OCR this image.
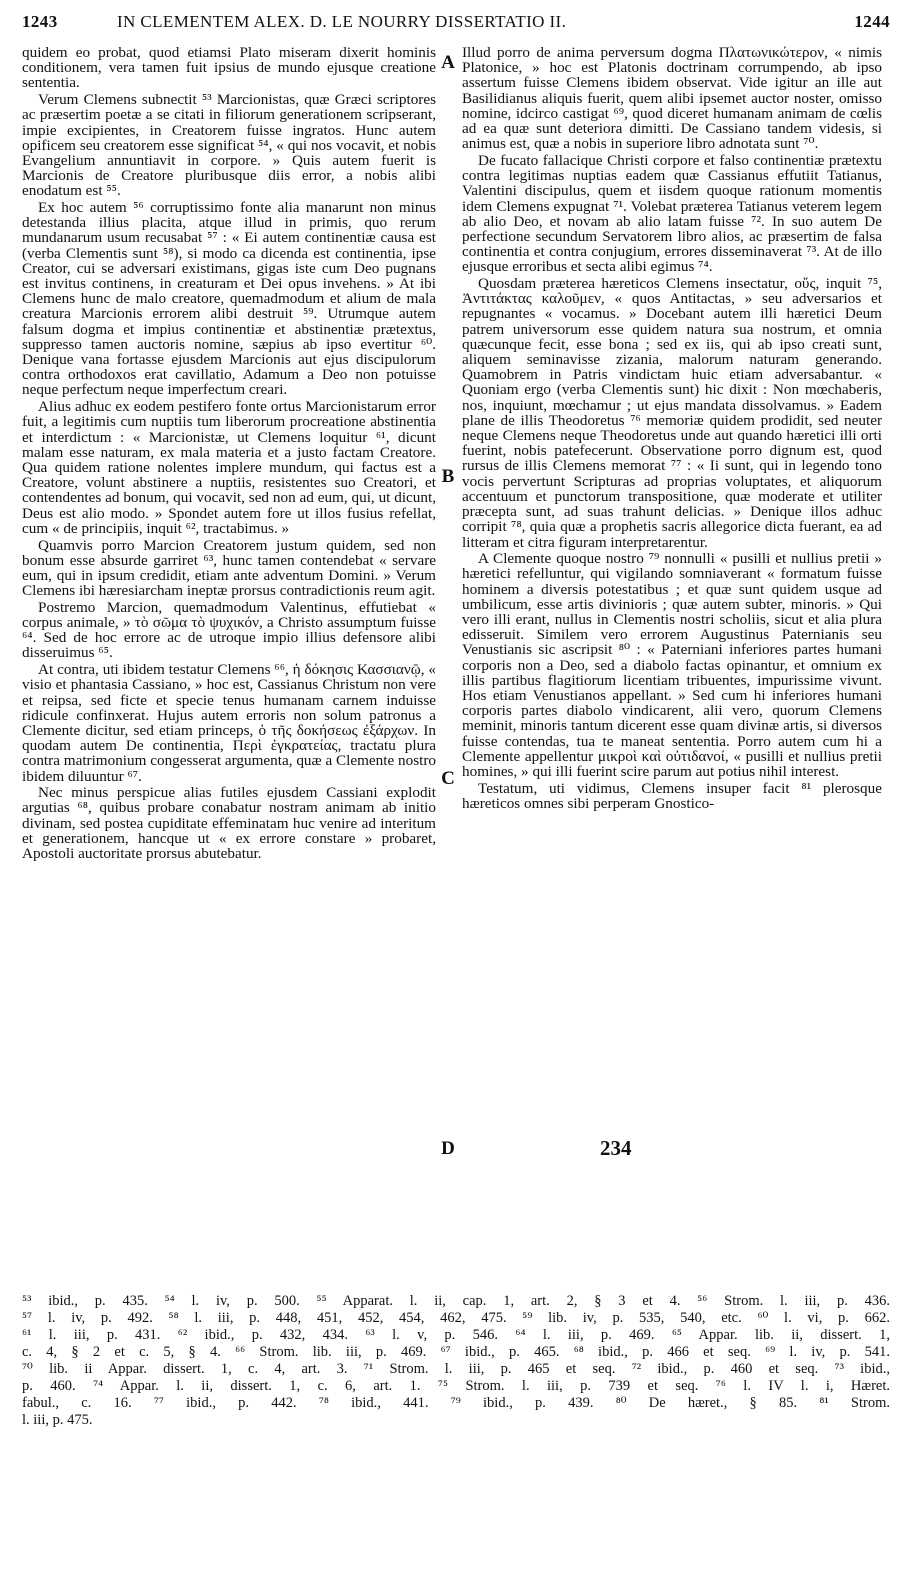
1243	IN CLEMENTEM ALEX. D. LE NOURRY DISSERTATIO II.	1244

quidem eo probat, quod etiamsi Plato miseram dixerit hominis conditionem, vera tamen fuit ipsius de mundo ejusque creatione sententia.

Verum Clemens subnectit ⁵³ Marcionistas, quæ Græci scriptores ac præsertim poetæ a se citati in filiorum generationem scripserant, impie excipientes, in Creatorem fuisse ingratos. Hunc autem opificem seu creatorem esse significat ⁵⁴, « qui nos vocavit, et nobis Evangelium annuntiavit in corpore. » Quis autem fuerit is Marcionis de Creatore pluribusque diis error, a nobis alibi enodatum est ⁵⁵.

Ex hoc autem ⁵⁶ corruptissimo fonte alia manarunt non minus detestanda illius placita, atque illud in primis, quo rerum mundanarum usum recusabat ⁵⁷ : « Ei autem continentiæ causa est (verba Clementis sunt ⁵⁸), si modo ca dicenda est continentia, ipse Creator, cui se adversari existimans, gigas iste cum Deo pugnans est invitus continens, in creaturam et Dei opus invehens. » At ibi Clemens hunc de malo creatore, quemadmodum et alium de mala creatura Marcionis errorem alibi destruit ⁵⁹. Utrumque autem falsum dogma et impius continentiæ et abstinentiæ prætextus, suppresso tamen auctoris nomine, sæpius ab ipso evertitur ⁶⁰. Denique vana fortasse ejusdem Marcionis aut ejus discipulorum contra orthodoxos erat cavillatio, Adamum a Deo non potuisse neque perfectum neque imperfectum creari.

Alius adhuc ex eodem pestifero fonte ortus Marcionistarum error fuit, a legitimis cum nuptiis tum liberorum procreatione abstinentia et interdictum : « Marcionistæ, ut Clemens loquitur ⁶¹, dicunt malam esse naturam, ex mala materia et a justo factam Creatore. Qua quidem ratione nolentes implere mundum, qui factus est a Creatore, volunt abstinere a nuptiis, resistentes suo Creatori, et contendentes ad bonum, qui vocavit, sed non ad eum, qui, ut dicunt, Deus est alio modo. » Spondet autem fore ut illos fusius refellat, cum « de principiis, inquit ⁶², tractabimus. »

Quamvis porro Marcion Creatorem justum quidem, sed non bonum esse absurde garriret ⁶³, hunc tamen contendebat « servare eum, qui in ipsum credidit, etiam ante adventum Domini. » Verum Clemens ibi hæresiarcham ineptæ prorsus contradictionis reum agit.

Postremo Marcion, quemadmodum Valentinus, effutiebat « corpus animale, » τὸ σῶμα τὸ ψυχικόν, a Christo assumptum fuisse ⁶⁴. Sed de hoc errore ac de utroque impio illius defensore alibi disseruimus ⁶⁵.

At contra, uti ibidem testatur Clemens ⁶⁶, ἡ δόκησις Κασσιανῷ, « visio et phantasia Cassiano, » hoc est, Cassianus Christum non vere et reipsa, sed ficte et specie tenus humanam carnem induisse ridicule confinxerat. Hujus autem erroris non solum patronus a Clemente dicitur, sed etiam princeps, ὁ τῆς δοκήσεως ἐξάρχων. In quodam autem De continentia, Περὶ ἐγκρατείας, tractatu plura contra matrimonium congesserat argumenta, quæ a Clemente nostro ibidem diluuntur ⁶⁷.

Nec minus perspicue alias futiles ejusdem Cassiani explodit argutias ⁶⁸, quibus probare conabatur nostram animam ab initio divinam, sed postea cupiditate effeminatam huc venire ad interitum et generationem, hancque ut « ex errore constare » probaret, Apostoli auctoritate prorsus abutebatur.

A
B
C
D

Illud porro de anima perversum dogma Πλατωνικώτερον, « nimis Platonice, » hoc est Platonis doctrinam corrumpendo, ab ipso assertum fuisse Clemens ibidem observat. Vide igitur an ille aut Basilidianus aliquis fuerit, quem alibi ipsemet auctor noster, omisso nomine, idcirco castigat ⁶⁹, quod diceret humanam animam de cœlis ad ea quæ sunt deteriora dimitti. De Cassiano tandem videsis, si animus est, quæ a nobis in superiore libro adnotata sunt ⁷⁰.

De fucato fallacique Christi corpore et falso continentiæ prætextu contra legitimas nuptias eadem quæ Cassianus effutiit Tatianus, Valentini discipulus, quem et iisdem quoque rationum momentis idem Clemens expugnat ⁷¹. Volebat præterea Tatianus veterem legem ab alio Deo, et novam ab alio latam fuisse ⁷². In suo autem De perfectione secundum Servatorem libro alios, ac præsertim de falsa continentia et contra conjugium, errores disseminaverat ⁷³. At de illo ejusque erroribus et secta alibi egimus ⁷⁴.

Quosdam præterea hæreticos Clemens insectatur, οὕς, inquit ⁷⁵, Ἀντιτάκτας καλοῦμεν, « quos Antitactas, » seu adversarios et repugnantes « vocamus. » Docebant autem illi hæretici Deum patrem universorum esse quidem natura sua nostrum, et omnia quæcunque fecit, esse bona ; sed ex iis, qui ab ipso creati sunt, aliquem seminavisse zizania, malorum naturam generando. Quamobrem in Patris vindictam huic etiam adversabantur. « Quoniam ergo (verba Clementis sunt) hic dixit : Non mœchaberis, nos, inquiunt, mœchamur ; ut ejus mandata dissolvamus. » Eadem plane de illis Theodoretus ⁷⁶ memoriæ quidem prodidit, sed neuter neque Clemens neque Theodoretus unde aut quando hæretici illi orti fuerint, nobis patefecerunt. Observatione porro dignum est, quod rursus de illis Clemens memorat ⁷⁷ : « Ii sunt, qui in legendo tono vocis pervertunt Scripturas ad proprias voluptates, et aliquorum accentuum et punctorum transpositione, quæ moderate et utiliter præcepta sunt, ad suas trahunt delicias. » Denique illos adhuc corripit ⁷⁸, quia quæ a prophetis sacris allegorice dicta fuerant, ea ad litteram et citra figuram interpretarentur.

A Clemente quoque nostro ⁷⁹ nonnulli « pusilli et nullius pretii » hæretici refelluntur, qui vigilando somniaverant « formatum fuisse hominem a diversis potestatibus ; et quæ sunt quidem usque ad umbilicum, esse artis divinioris ; quæ autem subter, minoris. » Qui vero illi erant, nullus in Clementis nostri scholiis, sicut et alia plura edisseruit. Similem vero errorem Augustinus Paternianis seu Venustianis sic ascripsit ⁸⁰ : « Paterniani inferiores partes humani corporis non a Deo, sed a diabolo factas opinantur, et omnium ex illis partibus flagitiorum licentiam tribuentes, impurissime vivunt. Hos etiam Venustianos appellant. » Sed cum hi inferiores humani corporis partes diabolo vindicarent, alii vero, quorum Clemens meminit, minoris tantum dicerent esse quam divinæ artis, si diversos fuisse contendas, tua te maneat sententia. Porro autem cum hi a Clemente appellentur μικροὶ καὶ οὐτιδανοί, « pusilli et nullius pretii homines, » qui illi fuerint scire parum aut potius nihil interest.

Testatum, uti vidimus, Clemens insuper facit ⁸¹ plerosque hæreticos omnes sibi perperam Gnostico-

⁵³ ibid., p. 435. ⁵⁴ l. iv, p. 500. ⁵⁵ Apparat. l. ii, cap. 1, art. 2, § 3 et 4. ⁵⁶ Strom. l. iii, p. 436.
⁵⁷ l. iv, p. 492. ⁵⁸ l. iii, p. 448, 451, 452, 454, 462, 475. ⁵⁹ lib. iv, p. 535, 540, etc. ⁶⁰ l. vi, p. 662.
⁶¹ l. iii, p. 431. ⁶² ibid., p. 432, 434. ⁶³ l. v, p. 546. ⁶⁴ l. iii, p. 469. ⁶⁵ Appar. lib. ii, dissert. 1,
c. 4, § 2 et c. 5, § 4. ⁶⁶ Strom. lib. iii, p. 469. ⁶⁷ ibid., p. 465. ⁶⁸ ibid., p. 466 et seq. ⁶⁹ l. iv, p. 541.
⁷⁰ lib. ii Appar. dissert. 1, c. 4, art. 3. ⁷¹ Strom. l. iii, p. 465 et seq. ⁷² ibid., p. 460 et seq. ⁷³ ibid.,
p. 460. ⁷⁴ Appar. l. ii, dissert. 1, c. 6, art. 1. ⁷⁵ Strom. l. iii, p. 739 et seq. ⁷⁶ l. IV l. i, Hæret.
fabul., c. 16. ⁷⁷ ibid., p. 442. ⁷⁸ ibid., 441. ⁷⁹ ibid., p. 439. ⁸⁰ De hæret., § 85. ⁸¹ Strom.
l. iii, p. 475.
234
